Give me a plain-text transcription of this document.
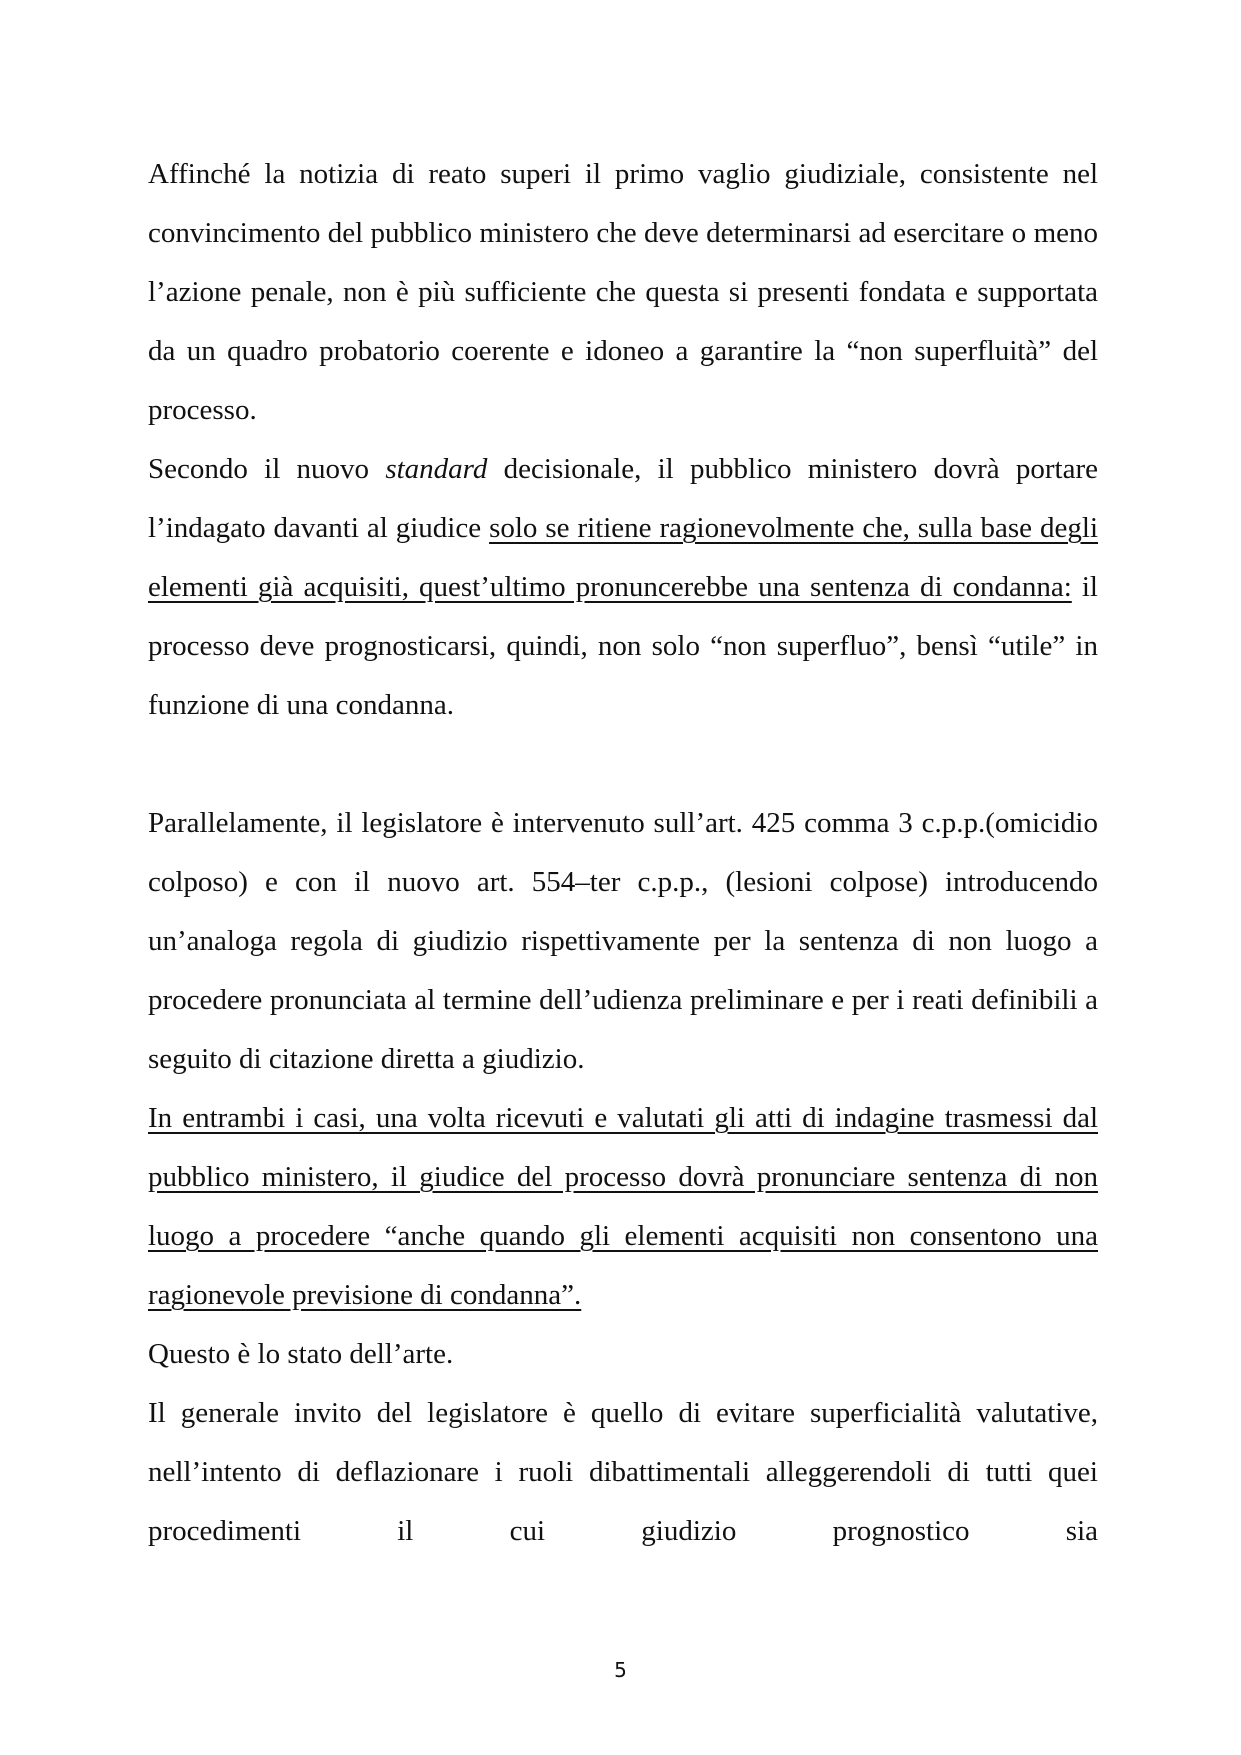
Affinché la notizia di reato superi il primo vaglio giudiziale, consistente nel convincimento del pubblico ministero che deve determinarsi ad esercitare o meno l’azione penale, non è più sufficiente che questa si presenti fondata e supportata da un quadro probatorio coerente e idoneo a garantire la “non superfluità” del processo.

Secondo il nuovo standard decisionale, il pubblico ministero dovrà portare l’indagato davanti al giudice solo se ritiene ragionevolmente che, sulla base degli elementi già acquisiti, quest’ultimo pronuncerebbe una sentenza di condanna: il processo deve prognosticarsi, quindi, non solo “non superfluo”, bensì “utile” in funzione di una condanna.

Parallelamente, il legislatore è intervenuto sull’art. 425 comma 3 c.p.p.(omicidio colposo) e con il nuovo art. 554–ter c.p.p., (lesioni colpose) introducendo un’analoga regola di giudizio rispettivamente per la sentenza di non luogo a procedere pronunciata al termine dell’udienza preliminare e per i reati definibili a seguito di citazione diretta a giudizio.

In entrambi i casi, una volta ricevuti e valutati gli atti di indagine trasmessi dal pubblico ministero, il giudice del processo dovrà pronunciare sentenza di non luogo a procedere “anche quando gli elementi acquisiti non consentono una ragionevole previsione di condanna”.

Questo è lo stato dell’arte.

Il generale invito del legislatore è quello di evitare superficialità valutative, nell’intento di deflazionare i ruoli dibattimentali alleggerendoli di tutti quei procedimenti il cui giudizio prognostico sia

5
